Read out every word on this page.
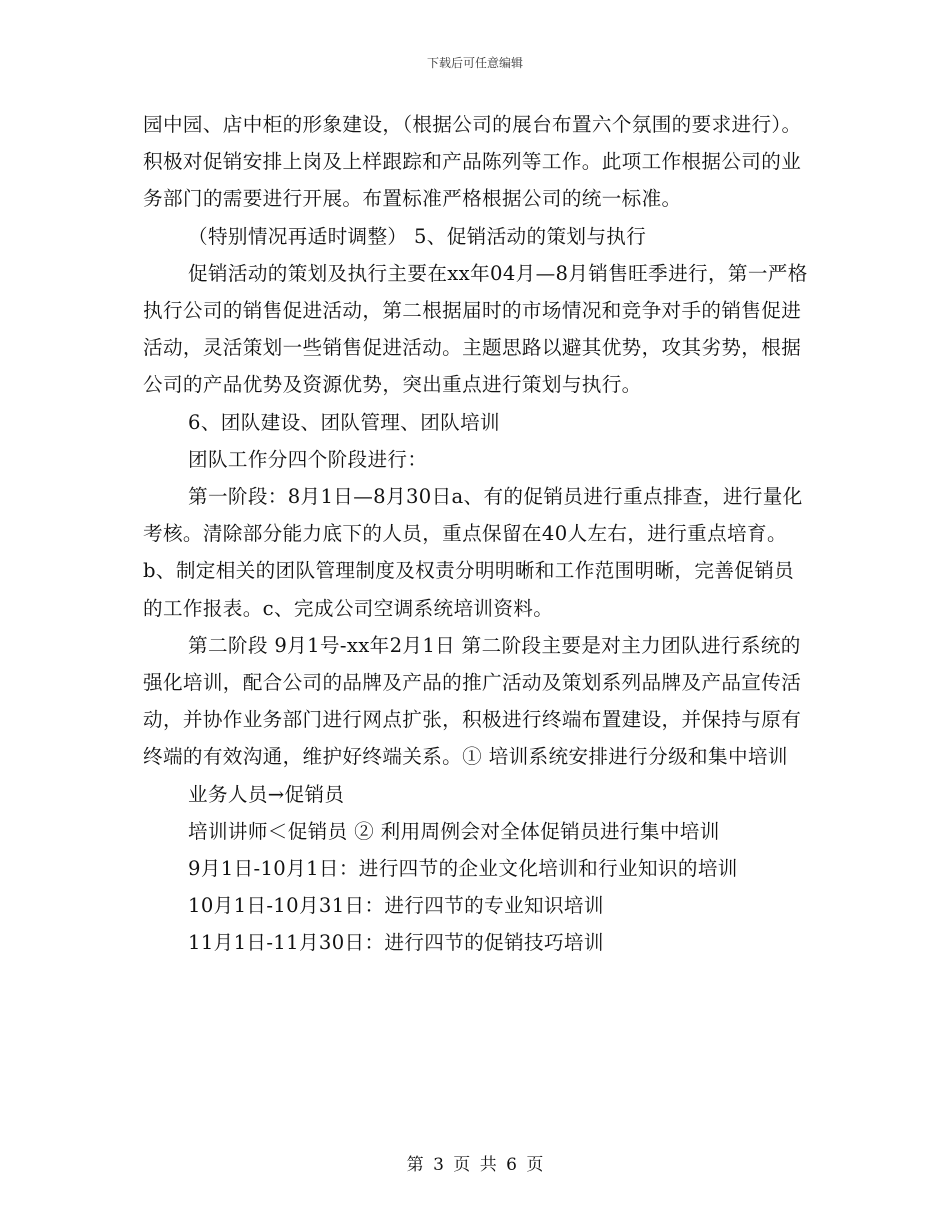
下载后可任意编辑

园中园、店中柜的形象建设，（根据公司的展台布置六个氛围的要求进行）。积极对促销安排上岗及上样跟踪和产品陈列等工作。此项工作根据公司的业务部门的需要进行开展。布置标准严格根据公司的统一标准。

（特别情况再适时调整） 5、促销活动的策划与执行

促销活动的策划及执行主要在xx年04月—8月销售旺季进行，第一严格执行公司的销售促进活动，第二根据届时的市场情况和竞争对手的销售促进活动，灵活策划一些销售促进活动。主题思路以避其优势，攻其劣势，根据公司的产品优势及资源优势，突出重点进行策划与执行。

6、团队建设、团队管理、团队培训

团队工作分四个阶段进行：

第一阶段：8月1日—8月30日a、有的促销员进行重点排查，进行量化考核。清除部分能力底下的人员，重点保留在40人左右，进行重点培育。b、制定相关的团队管理制度及权责分明明晰和工作范围明晰，完善促销员的工作报表。c、完成公司空调系统培训资料。

第二阶段 9月1号-xx年2月1日 第二阶段主要是对主力团队进行系统的强化培训，配合公司的品牌及产品的推广活动及策划系列品牌及产品宣传活动，并协作业务部门进行网点扩张，积极进行终端布置建设，并保持与原有终端的有效沟通，维护好终端关系。① 培训系统安排进行分级和集中培训

业务人员→促销员

培训讲师＜促销员 ② 利用周例会对全体促销员进行集中培训

9月1日-10月1日：进行四节的企业文化培训和行业知识的培训

10月1日-10月31日：进行四节的专业知识培训

11月1日-11月30日：进行四节的促销技巧培训

第 3 页 共 6 页
